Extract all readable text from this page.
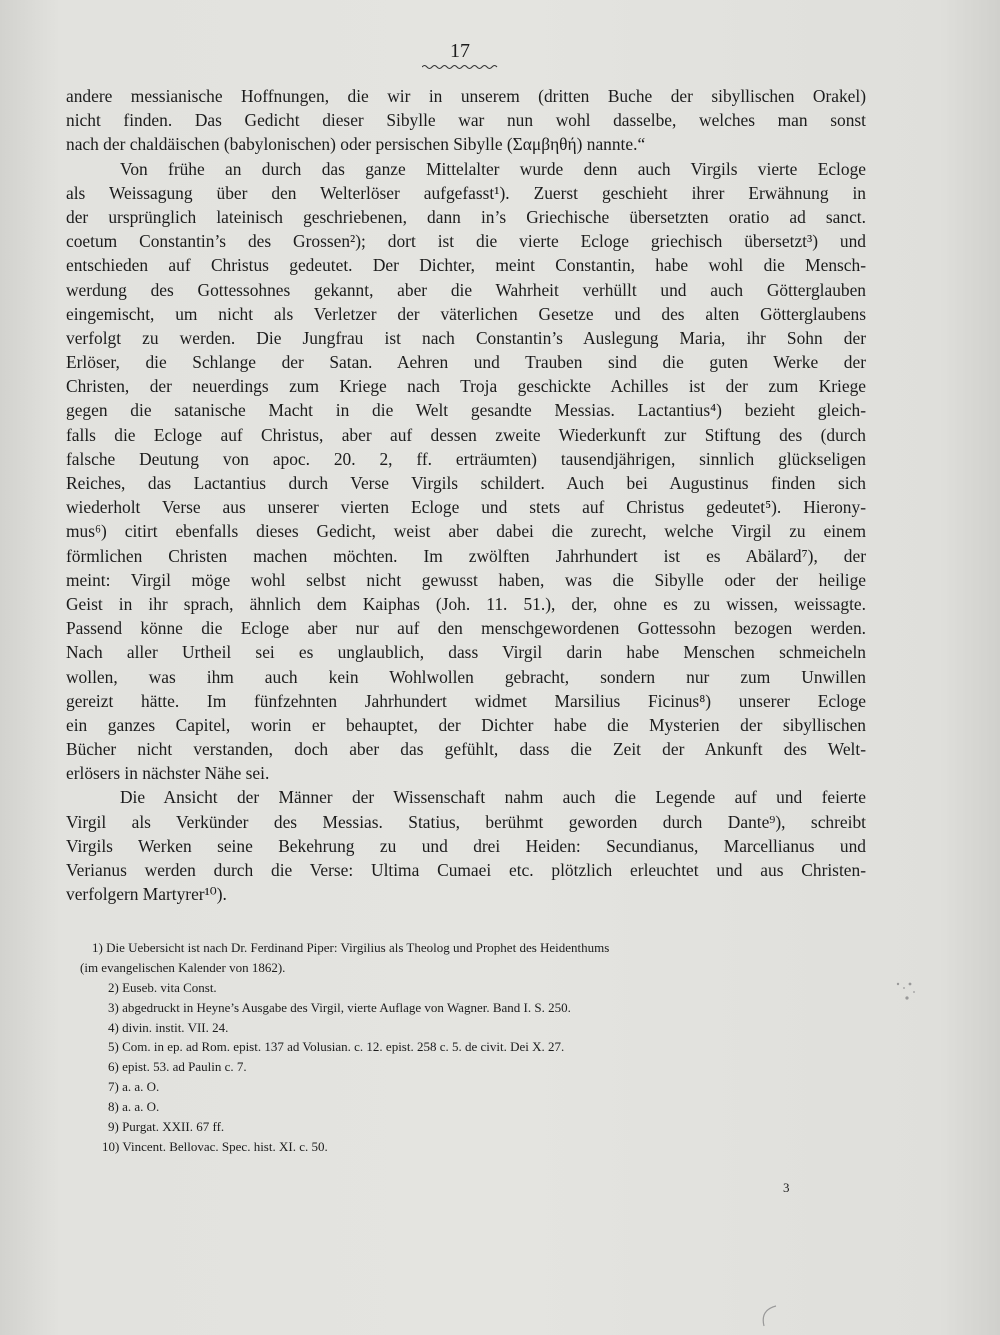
17
andere messianische Hoffnungen, die wir in unserem (dritten Buche der sibyllischen Orakel)
nicht finden. Das Gedicht dieser Sibylle war nun wohl dasselbe, welches man sonst
nach der chaldäischen (babylonischen) oder persischen Sibylle (Σαμβηθή) nannte.“
Von frühe an durch das ganze Mittelalter wurde denn auch Virgils vierte Ecloge
als Weissagung über den Welterlöser aufgefasst¹). Zuerst geschieht ihrer Erwähnung in
der ursprünglich lateinisch geschriebenen, dann in’s Griechische übersetzten oratio ad sanct.
coetum Constantin’s des Grossen²); dort ist die vierte Ecloge griechisch übersetzt³) und
entschieden auf Christus gedeutet. Der Dichter, meint Constantin, habe wohl die Mensch-
werdung des Gottessohnes gekannt, aber die Wahrheit verhüllt und auch Götterglauben
eingemischt, um nicht als Verletzer der väterlichen Gesetze und des alten Götterglaubens
verfolgt zu werden. Die Jungfrau ist nach Constantin’s Auslegung Maria, ihr Sohn der
Erlöser, die Schlange der Satan. Aehren und Trauben sind die guten Werke der
Christen, der neuerdings zum Kriege nach Troja geschickte Achilles ist der zum Kriege
gegen die satanische Macht in die Welt gesandte Messias. Lactantius⁴) bezieht gleich-
falls die Ecloge auf Christus, aber auf dessen zweite Wiederkunft zur Stiftung des (durch
falsche Deutung von apoc. 20. 2, ff. erträumten) tausendjährigen, sinnlich glückseligen
Reiches, das Lactantius durch Verse Virgils schildert. Auch bei Augustinus finden sich
wiederholt Verse aus unserer vierten Ecloge und stets auf Christus gedeutet⁵). Hierony-
mus⁶) citirt ebenfalls dieses Gedicht, weist aber dabei die zurecht, welche Virgil zu einem
förmlichen Christen machen möchten. Im zwölften Jahrhundert ist es Abälard⁷), der
meint: Virgil möge wohl selbst nicht gewusst haben, was die Sibylle oder der heilige
Geist in ihr sprach, ähnlich dem Kaiphas (Joh. 11. 51.), der, ohne es zu wissen, weissagte.
Passend könne die Ecloge aber nur auf den menschgewordenen Gottessohn bezogen werden.
Nach aller Urtheil sei es unglaublich, dass Virgil darin habe Menschen schmeicheln
wollen, was ihm auch kein Wohlwollen gebracht, sondern nur zum Unwillen
gereizt hätte. Im fünfzehnten Jahrhundert widmet Marsilius Ficinus⁸) unserer Ecloge
ein ganzes Capitel, worin er behauptet, der Dichter habe die Mysterien der sibyllischen
Bücher nicht verstanden, doch aber das gefühlt, dass die Zeit der Ankunft des Welt-
erlösers in nächster Nähe sei.
Die Ansicht der Männer der Wissenschaft nahm auch die Legende auf und feierte
Virgil als Verkünder des Messias. Statius, berühmt geworden durch Dante⁹), schreibt
Virgils Werken seine Bekehrung zu und drei Heiden: Secundianus, Marcellianus und
Verianus werden durch die Verse: Ultima Cumaei etc. plötzlich erleuchtet und aus Christen-
verfolgern Martyrer¹⁰).
1) Die Uebersicht ist nach Dr. Ferdinand Piper: Virgilius als Theolog und Prophet des Heidenthums
(im evangelischen Kalender von 1862).
2) Euseb. vita Const.
3) abgedruckt in Heyne’s Ausgabe des Virgil, vierte Auflage von Wagner. Band I. S. 250.
4) divin. instit. VII. 24.
5) Com. in ep. ad Rom. epist. 137 ad Volusian. c. 12. epist. 258 c. 5. de civit. Dei X. 27.
6) epist. 53. ad Paulin c. 7.
7) a. a. O.
8) a. a. O.
9) Purgat. XXII. 67 ff.
10) Vincent. Bellovac. Spec. hist. XI. c. 50.
3
